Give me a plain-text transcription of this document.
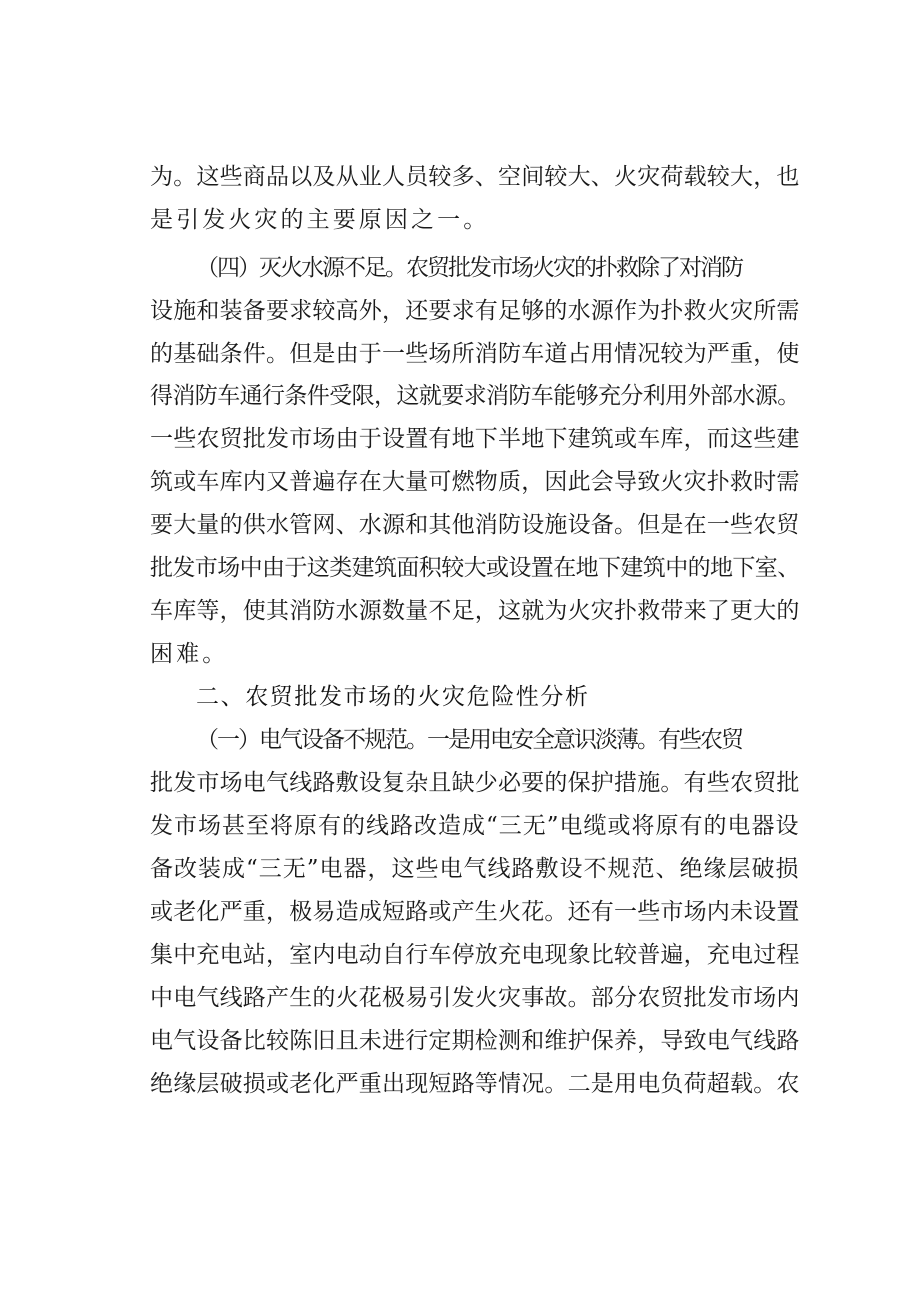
为。这些商品以及从业人员较多、空间较大、火灾荷载较大，也
是引发火灾的主要原因之一。
（四）灭火水源不足。农贸批发市场火灾的扑救除了对消防
设施和装备要求较高外，还要求有足够的水源作为扑救火灾所需
的基础条件。但是由于一些场所消防车道占用情况较为严重，使
得消防车通行条件受限，这就要求消防车能够充分利用外部水源。
一些农贸批发市场由于设置有地下半地下建筑或车库，而这些建
筑或车库内又普遍存在大量可燃物质，因此会导致火灾扑救时需
要大量的供水管网、水源和其他消防设施设备。但是在一些农贸
批发市场中由于这类建筑面积较大或设置在地下建筑中的地下室、
车库等，使其消防水源数量不足，这就为火灾扑救带来了更大的
困难。
二、农贸批发市场的火灾危险性分析
（一）电气设备不规范。一是用电安全意识淡薄。有些农贸
批发市场电气线路敷设复杂且缺少必要的保护措施。有些农贸批
发市场甚至将原有的线路改造成“三无”电缆或将原有的电器设
备改装成“三无”电器，这些电气线路敷设不规范、绝缘层破损
或老化严重，极易造成短路或产生火花。还有一些市场内未设置
集中充电站，室内电动自行车停放充电现象比较普遍，充电过程
中电气线路产生的火花极易引发火灾事故。部分农贸批发市场内
电气设备比较陈旧且未进行定期检测和维护保养，导致电气线路
绝缘层破损或老化严重出现短路等情况。二是用电负荷超载。农
